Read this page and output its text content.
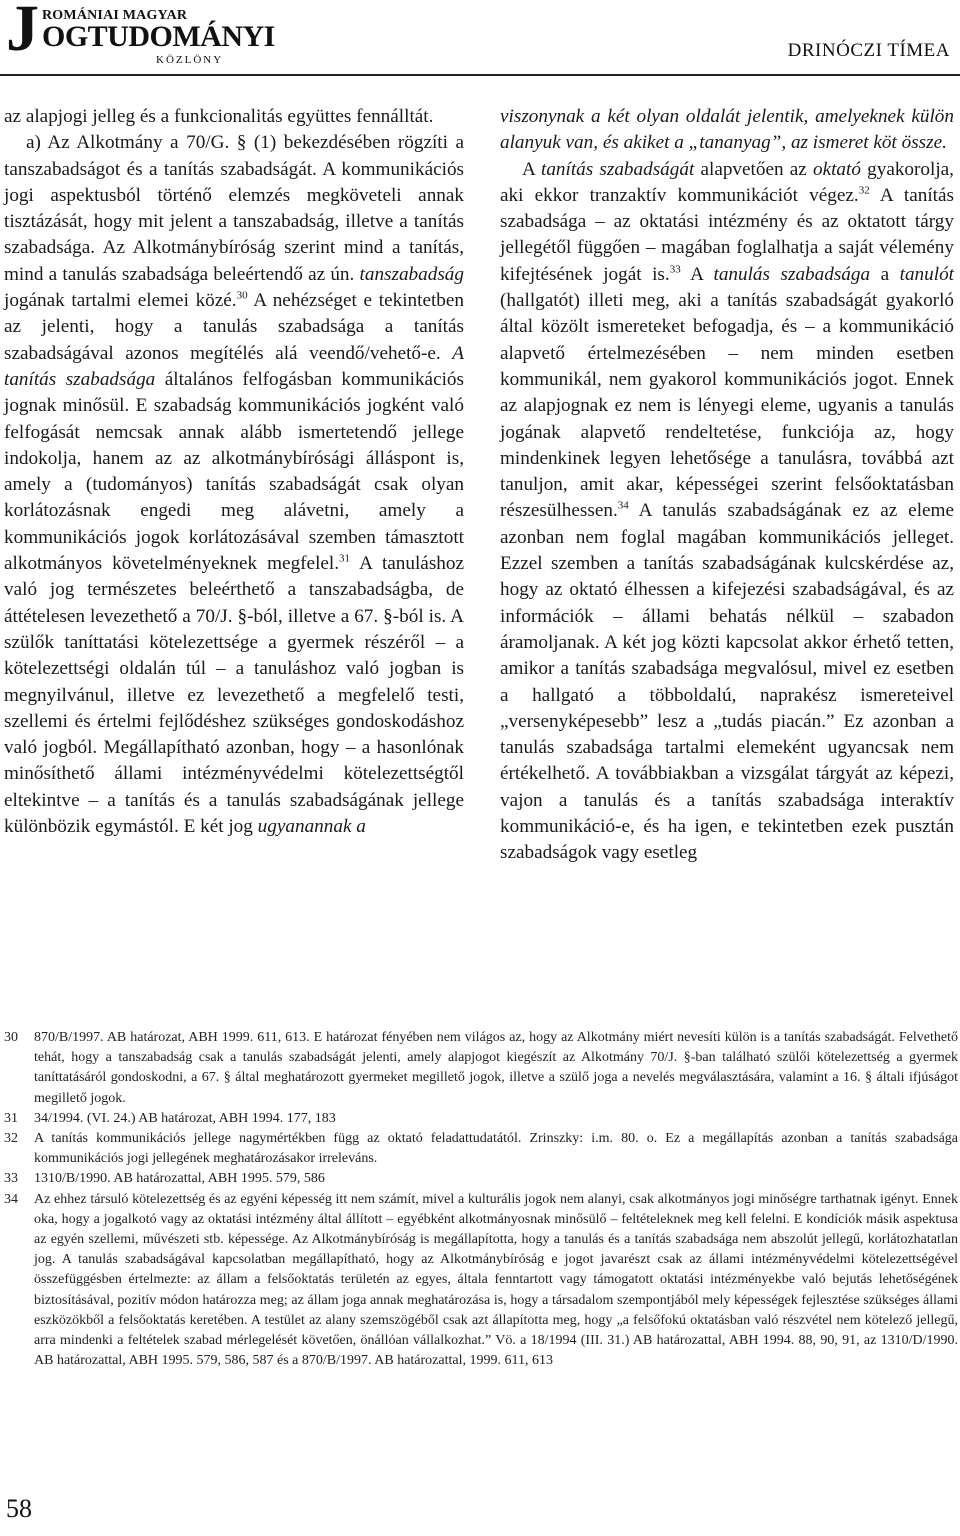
J ROMÁNIAI MAGYAR
OGTUDOMÁNYI
KÖZLÖNY	DRINÓCZI TÍMEA

az alapjogi jelleg és a funkcionalitás együttes fennálltát.

a) Az Alkotmány a 70/G. § (1) bekezdésében rögzíti a tanszabadságot és a tanítás szabadságát. A kommunikációs jogi aspektusból történő elemzés megköveteli annak tisztázását, hogy mit jelent a tanszabadság, illetve a tanítás szabadsága. Az Alkotmánybíróság szerint mind a tanítás, mind a tanulás szabadsága beleértendő az ún. tanszabadság jogának tartalmi elemei közé.$^{30}$ A nehézséget e tekintetben az jelenti, hogy a tanulás szabadsága a tanítás szabadságával azonos megítélés alá veendő/vehető-e. A tanítás szabadsága általános felfogásban kommunikációs jognak minősül. E szabadság kommunikációs jogként való felfogását nemcsak annak alább ismertetendő jellege indokolja, hanem az az alkotmánybírósági álláspont is, amely a (tudományos) tanítás szabadságát csak olyan korlátozásnak engedi meg alávetni, amely a kommunikációs jogok korlátozásával szemben támasztott alkotmányos követelményeknek megfelel.$^{31}$ A tanuláshoz való jog természetes beleérthető a tanszabadságba, de áttételesen levezethető a 70/J. §-ból, illetve a 67. §-ból is. A szülők taníttatási kötelezettsége a gyermek részéről – a kötelezettségi oldalán túl – a tanuláshoz való jogban is megnyilvánul, illetve ez levezethető a megfelelő testi, szellemi és értelmi fejlődéshez szükséges gondoskodáshoz való jogból. Megállapítható azonban, hogy – a hasonlónak minősíthető állami intézményvédelmi kötelezettségtől eltekintve – a tanítás és a tanulás szabadságának jellege különbözik egymástól. E két jog ugyanannak a

viszonynak a két olyan oldalát jelentik, amelyeknek külön alanyuk van, és akiket a „tananyag”, az ismeret köt össze.

A tanítás szabadságát alapvetően az oktató gyakorolja, aki ekkor tranzaktív kommunikációt végez.$^{32}$ A tanítás szabadsága – az oktatási intézmény és az oktatott tárgy jellegétől függően – magában foglalhatja a saját vélemény kifejtésének jogát is.$^{33}$ A tanulás szabadsága a tanulót (hallgatót) illeti meg, aki a tanítás szabadságát gyakorló által közölt ismereteket befogadja, és – a kommunikáció alapvető értelmezésében – nem minden esetben kommunikál, nem gyakorol kommunikációs jogot. Ennek az alapjognak ez nem is lényegi eleme, ugyanis a tanulás jogának alapvető rendeltetése, funkciója az, hogy mindenkinek legyen lehetősége a tanulásra, továbbá azt tanuljon, amit akar, képességei szerint felsőoktatásban részesülhessen.$^{34}$ A tanulás szabadságának ez az eleme azonban nem foglal magában kommunikációs jelleget. Ezzel szemben a tanítás szabadságának kulcskérdése az, hogy az oktató élhessen a kifejezési szabadságával, és az információk – állami behatás nélkül – szabadon áramoljanak. A két jog közti kapcsolat akkor érhető tetten, amikor a tanítás szabadsága megvalósul, mivel ez esetben a hallgató a többoldalú, naprakész ismereteivel „versenyképesebb” lesz a „tudás piacán.” Ez azonban a tanulás szabadsága tartalmi elemeként ugyancsak nem értékelhető. A továbbiakban a vizsgálat tárgyát az képezi, vajon a tanulás és a tanítás szabadsága interaktív kommunikáció-e, és ha igen, e tekintetben ezek pusztán szabadságok vagy esetleg

30 870/B/1997. AB határozat, ABH 1999. 611, 613. E határozat fényében nem világos az, hogy az Alkotmány miért nevesíti külön is a tanítás szabadságát. Felvethető tehát, hogy a tanszabadság csak a tanulás szabadságát jelenti, amely alapjogot kiegészít az Alkotmány 70/J. §-ban található szülői kötelezettség a gyermek taníttatásáról gondoskodni, a 67. § által meghatározott gyermeket megillető jogok, illetve a szülő joga a nevelés megválasztására, valamint a 16. § általi ifjúságot megillető jogok.

31 34/1994. (VI. 24.) AB határozat, ABH 1994. 177, 183

32 A tanítás kommunikációs jellege nagymértékben függ az oktató feladattudatától. Zrinszky: i.m. 80. o. Ez a megállapítás azonban a tanítás szabadsága kommunikációs jogi jellegének meghatározásakor irreleváns.

33 1310/B/1990. AB határozattal, ABH 1995. 579, 586

34 Az ehhez társuló kötelezettség és az egyéni képesség itt nem számít, mivel a kulturális jogok nem alanyi, csak alkotmányos jogi minőségre tarthatnak igényt. Ennek oka, hogy a jogalkotó vagy az oktatási intézmény által állított – egyébként alkotmányosnak minősülő – feltételeknek meg kell felelni. E kondíciók másik aspektusa az egyén szellemi, művészeti stb. képessége. Az Alkotmánybíróság is megállapította, hogy a tanulás és a tanítás szabadsága nem abszolút jellegű, korlátozhatatlan jog. A tanulás szabadságával kapcsolatban megállapítható, hogy az Alkotmánybíróság e jogot javarészt csak az állami intézményvédelmi kötelezettségével összefüggésben értelmezte: az állam a felsőoktatás területén az egyes, általa fenntartott vagy támogatott oktatási intézményekbe való bejutás lehetőségének biztosításával, pozitív módon határozza meg; az állam joga annak meghatározása is, hogy a társadalom szempontjából mely képességek fejlesztése szükséges állami eszközökből a felsőoktatás keretében. A testület az alany szemszögéből csak azt állapította meg, hogy „a felsőfokú oktatásban való részvétel nem kötelező jellegű, arra mindenki a feltételek szabad mérlegelését követően, önállóan vállalkozhat.” Vö. a 18/1994 (III. 31.) AB határozattal, ABH 1994. 88, 90, 91, az 1310/D/1990. AB határozattal, ABH 1995. 579, 586, 587 és a 870/B/1997. AB határozattal, 1999. 611, 613

58
